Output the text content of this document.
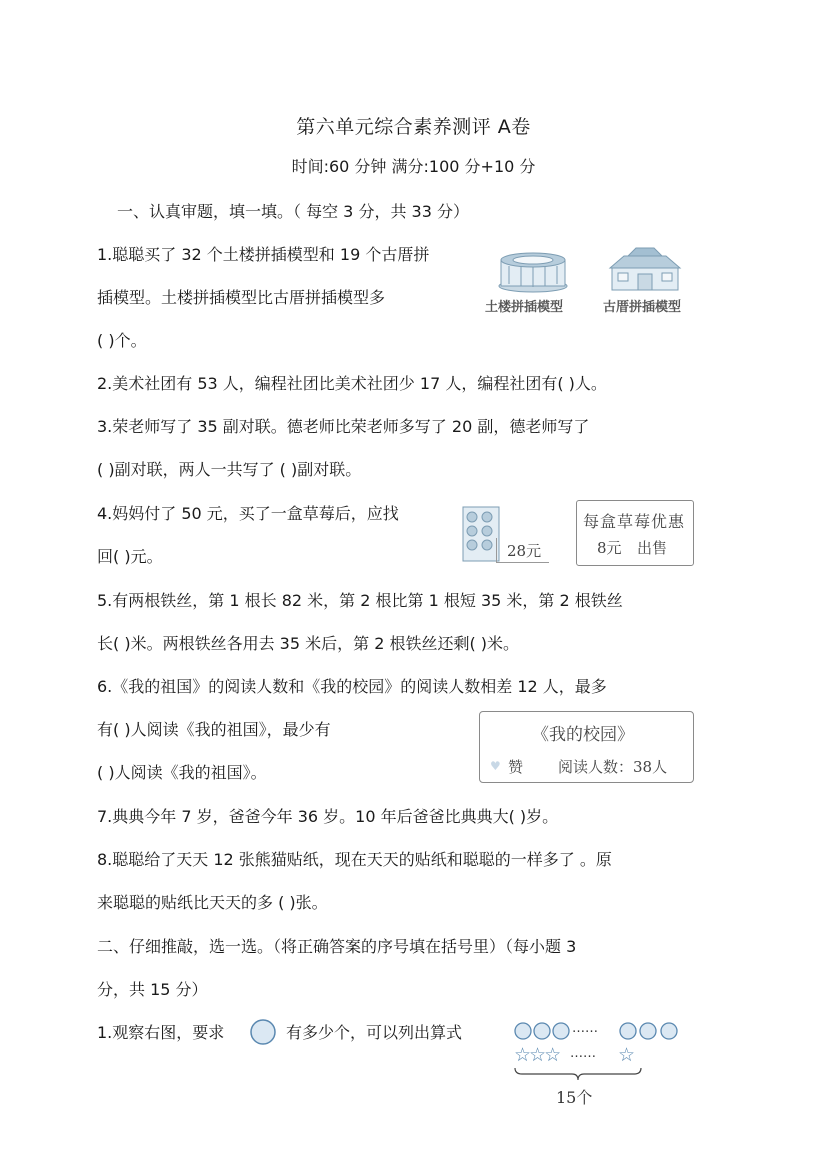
第六单元综合素养测评 A卷
时间:60 分钟 满分:100 分+10 分
一、认真审题，填一填。（ 每空 3 分，共 33 分）
1.聪聪买了 32 个土楼拼插模型和 19 个古厝拼
插模型。土楼拼插模型比古厝拼插模型多
( )个。
土楼拼插模型	古厝拼插模型
2.美术社团有 53 人，编程社团比美术社团少 17 人，编程社团有( )人。
3.荣老师写了 35 副对联。德老师比荣老师多写了 20 副，德老师写了
( )副对联，两人一共写了 ( )副对联。
4.妈妈付了 50 元，买了一盒草莓后，应找
回( )元。	28元
每盒草莓优惠
8元 出售
5.有两根铁丝，第 1 根长 82 米，第 2 根比第 1 根短 35 米，第 2 根铁丝
长( )米。两根铁丝各用去 35 米后，第 2 根铁丝还剩( )米。
6.《我的祖国》的阅读人数和《我的校园》的阅读人数相差 12 人，最多
有( )人阅读《我的祖国》，最少有
( )人阅读《我的祖国》。
《我的校园》
♥ 赞 阅读人数：38人
7.典典今年 7 岁，爸爸今年 36 岁。10 年后爸爸比典典大( )岁。
8.聪聪给了天天 12 张熊猫贴纸，现在天天的贴纸和聪聪的一样多了 。原
来聪聪的贴纸比天天的多 ( )张。
二、仔细推敲，选一选。（将正确答案的序号填在括号里）（每小题 3
分，共 15 分）
1.观察右图，要求	有多少个，可以列出算式	……
☆☆☆ …… ☆
15个
